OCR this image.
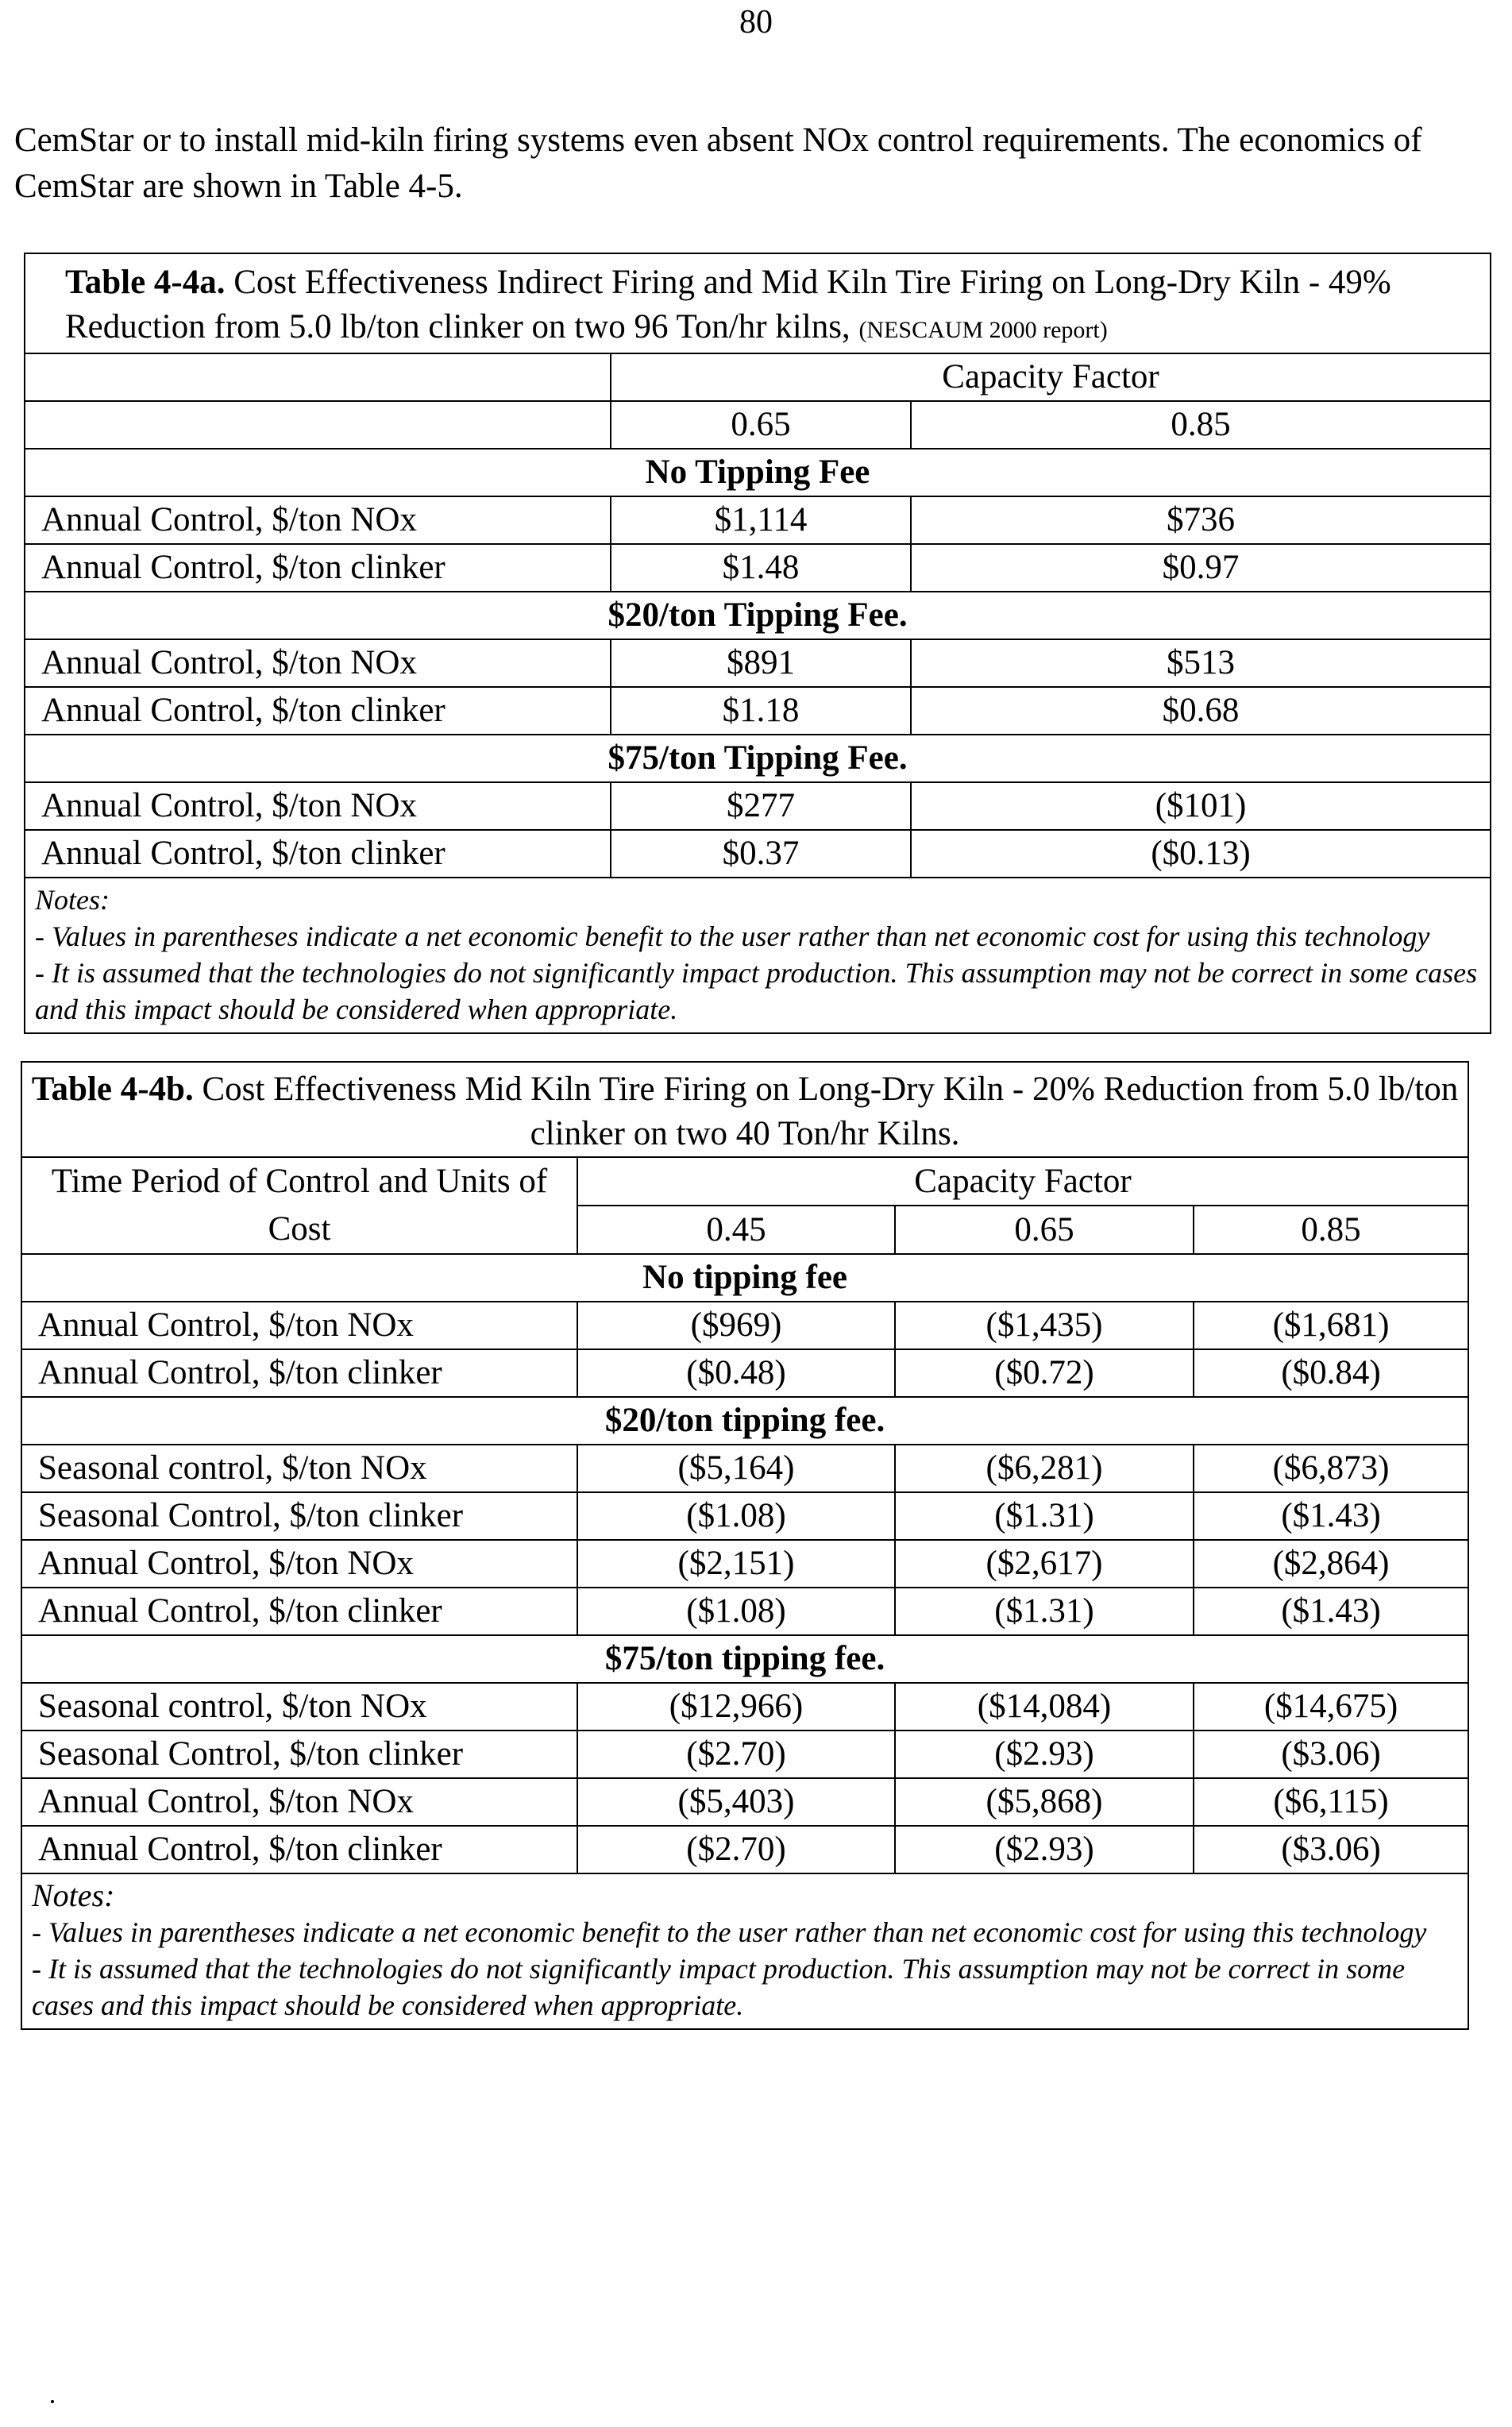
80
CemStar or to install mid-kiln firing systems even absent NOx control requirements. The economics of CemStar are shown in Table 4-5.
Table 4-4a. Cost Effectiveness Indirect Firing and Mid Kiln Tire Firing on Long-Dry Kiln - 49% Reduction from 5.0 lb/ton clinker on two 96 Ton/hr kilns, (NESCAUM 2000 report)		
	Capacity Factor	
	0.65	0.85
No Tipping Fee		
Annual Control, $/ton NOx	$1,114	$736
Annual Control, $/ton clinker	$1.48	$0.97
$20/ton Tipping Fee.		
Annual Control, $/ton NOx	$891	$513
Annual Control, $/ton clinker	$1.18	$0.68
$75/ton Tipping Fee.		
Annual Control, $/ton NOx	$277	($101)
Annual Control, $/ton clinker	$0.37	($0.13)

Notes:
- Values in parentheses indicate a net economic benefit to the user rather than net economic cost for using this technology
- It is assumed that the technologies do not significantly impact production. This assumption may not be correct in some cases and this impact should be considered when appropriate.		
Table 4-4b. Cost Effectiveness Mid Kiln Tire Firing on Long-Dry Kiln - 20% Reduction from 5.0 lb/ton clinker on two 40 Ton/hr Kilns.			
Time Period of Control and Units of Cost	Capacity Factor		
	0.45	0.65	0.85
No tipping fee			
Annual Control, $/ton NOx	($969)	($1,435)	($1,681)
Annual Control, $/ton clinker	($0.48)	($0.72)	($0.84)
$20/ton tipping fee.			
Seasonal control, $/ton NOx	($5,164)	($6,281)	($6,873)
Seasonal Control, $/ton clinker	($1.08)	($1.31)	($1.43)
Annual Control, $/ton NOx	($2,151)	($2,617)	($2,864)
Annual Control, $/ton clinker	($1.08)	($1.31)	($1.43)
$75/ton tipping fee.			
Seasonal control, $/ton NOx	($12,966)	($14,084)	($14,675)
Seasonal Control, $/ton clinker	($2.70)	($2.93)	($3.06)
Annual Control, $/ton NOx	($5,403)	($5,868)	($6,115)
Annual Control, $/ton clinker	($2.70)	($2.93)	($3.06)

Notes:
- Values in parentheses indicate a net economic benefit to the user rather than net economic cost for using this technology
- It is assumed that the technologies do not significantly impact production. This assumption may not be correct in some cases and this impact should be considered when appropriate.			
